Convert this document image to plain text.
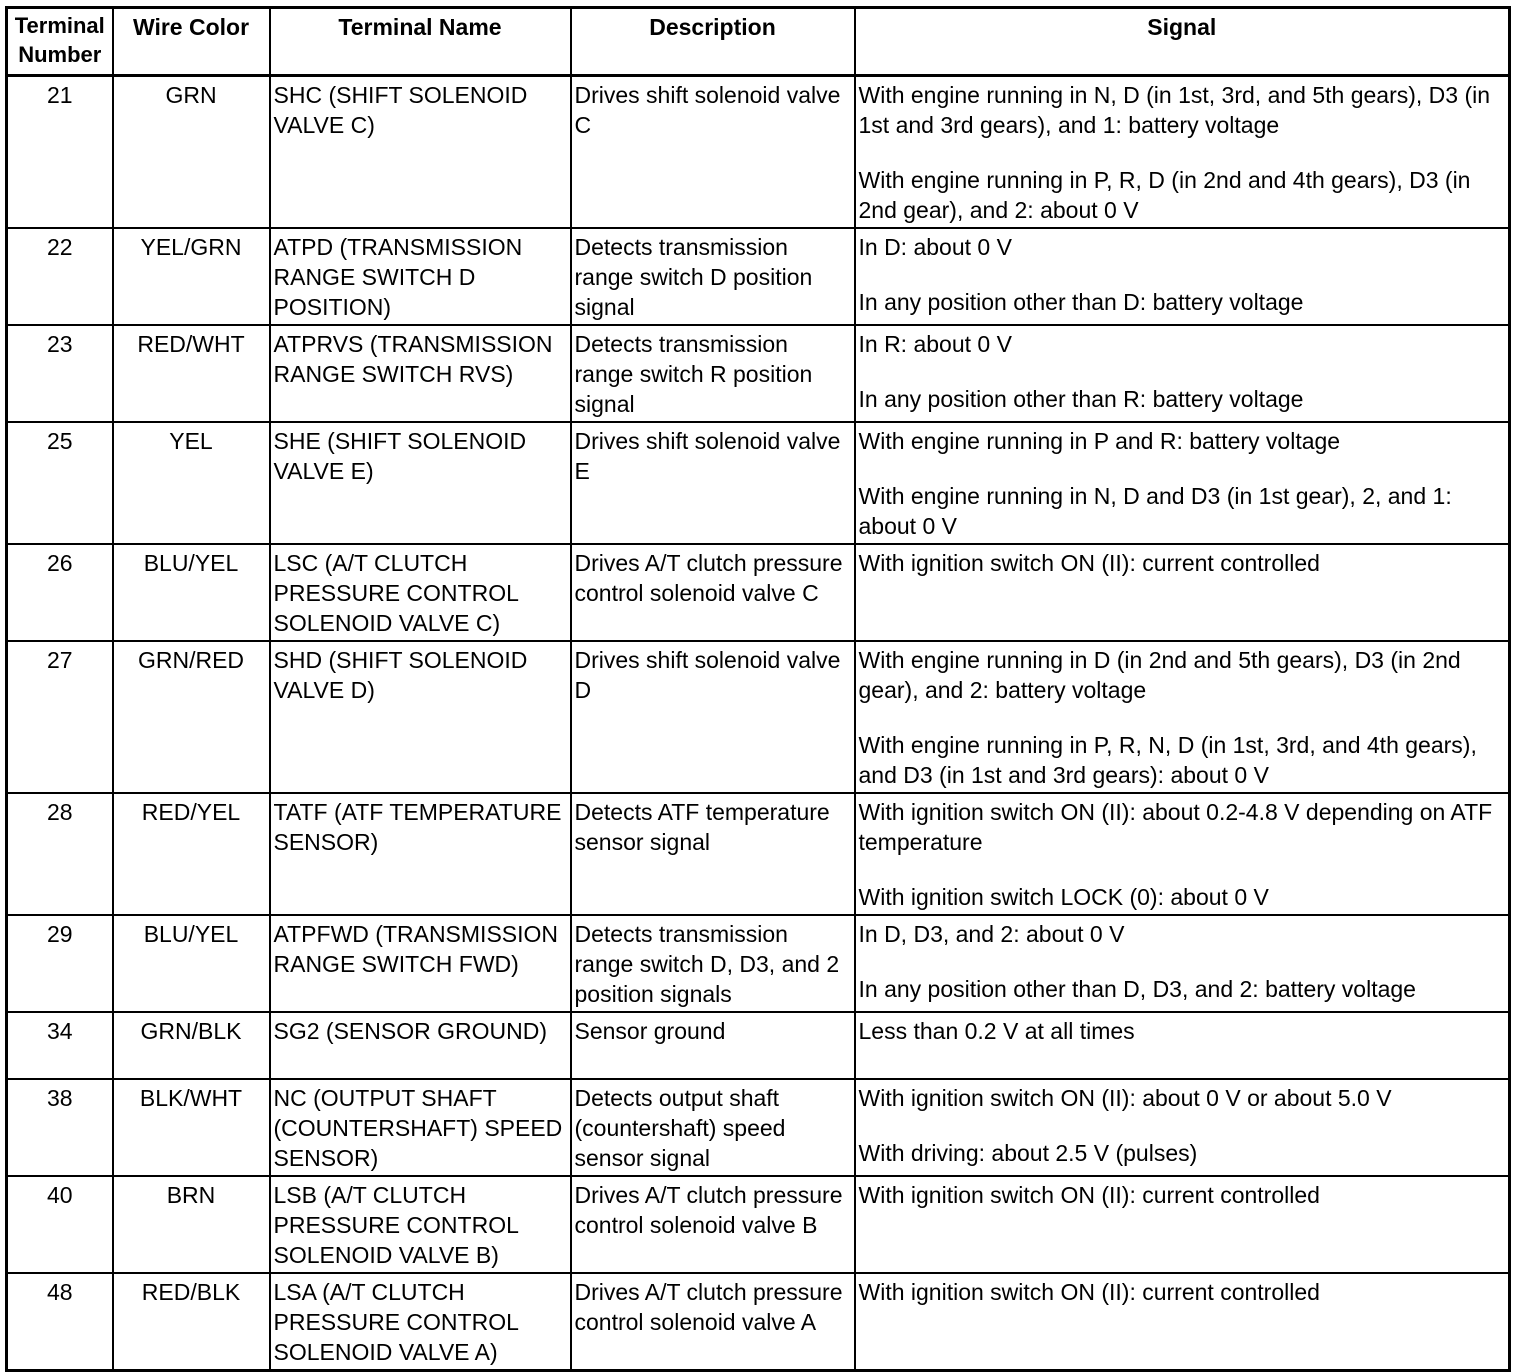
Terminal
Number	Wire Color	Terminal Name	Description	Signal
21	GRN	SHC (SHIFT SOLENOID VALVE C)	Drives shift solenoid valve C	With engine running in N, D (in 1st, 3rd, and 5th gears), D3 (in 1st and 3rd gears), and 1: battery voltage
With engine running in P, R, D (in 2nd and 4th gears), D3 (in 2nd gear), and 2: about 0 V

22	YEL/GRN	ATPD (TRANSMISSION RANGE SWITCH D POSITION)	Detects transmission range switch D position signal	In D: about 0 V
In any position other than D: battery voltage

23	RED/WHT	ATPRVS (TRANSMISSION RANGE SWITCH RVS)	Detects transmission range switch R position signal	In R: about 0 V
In any position other than R: battery voltage

25	YEL	SHE (SHIFT SOLENOID VALVE E)	Drives shift solenoid valve E	With engine running in P and R: battery voltage
With engine running in N, D and D3 (in 1st gear), 2, and 1: about 0 V

26	BLU/YEL	LSC (A/T CLUTCH PRESSURE CONTROL SOLENOID VALVE C)	Drives A/T clutch pressure control solenoid valve C	With ignition switch ON (II): current controlled

27	GRN/RED	SHD (SHIFT SOLENOID VALVE D)	Drives shift solenoid valve D	With engine running in D (in 2nd and 5th gears), D3 (in 2nd gear), and 2: battery voltage
With engine running in P, R, N, D (in 1st, 3rd, and 4th gears), and D3 (in 1st and 3rd gears): about 0 V

28	RED/YEL	TATF (ATF TEMPERATURE SENSOR)	Detects ATF temperature sensor signal	With ignition switch ON (II): about 0.2-4.8 V depending on ATF temperature
With ignition switch LOCK (0): about 0 V

29	BLU/YEL	ATPFWD (TRANSMISSION RANGE SWITCH FWD)	Detects transmission range switch D, D3, and 2 position signals	In D, D3, and 2: about 0 V
In any position other than D, D3, and 2: battery voltage

34	GRN/BLK	SG2 (SENSOR GROUND)	Sensor ground	Less than 0.2 V at all times

38	BLK/WHT	NC (OUTPUT SHAFT (COUNTERSHAFT) SPEED SENSOR)	Detects output shaft (countershaft) speed sensor signal	With ignition switch ON (II): about 0 V or about 5.0 V
With driving: about 2.5 V (pulses)

40	BRN	LSB (A/T CLUTCH PRESSURE CONTROL SOLENOID VALVE B)	Drives A/T clutch pressure control solenoid valve B	With ignition switch ON (II): current controlled

48	RED/BLK	LSA (A/T CLUTCH PRESSURE CONTROL SOLENOID VALVE A)	Drives A/T clutch pressure control solenoid valve A	With ignition switch ON (II): current controlled
